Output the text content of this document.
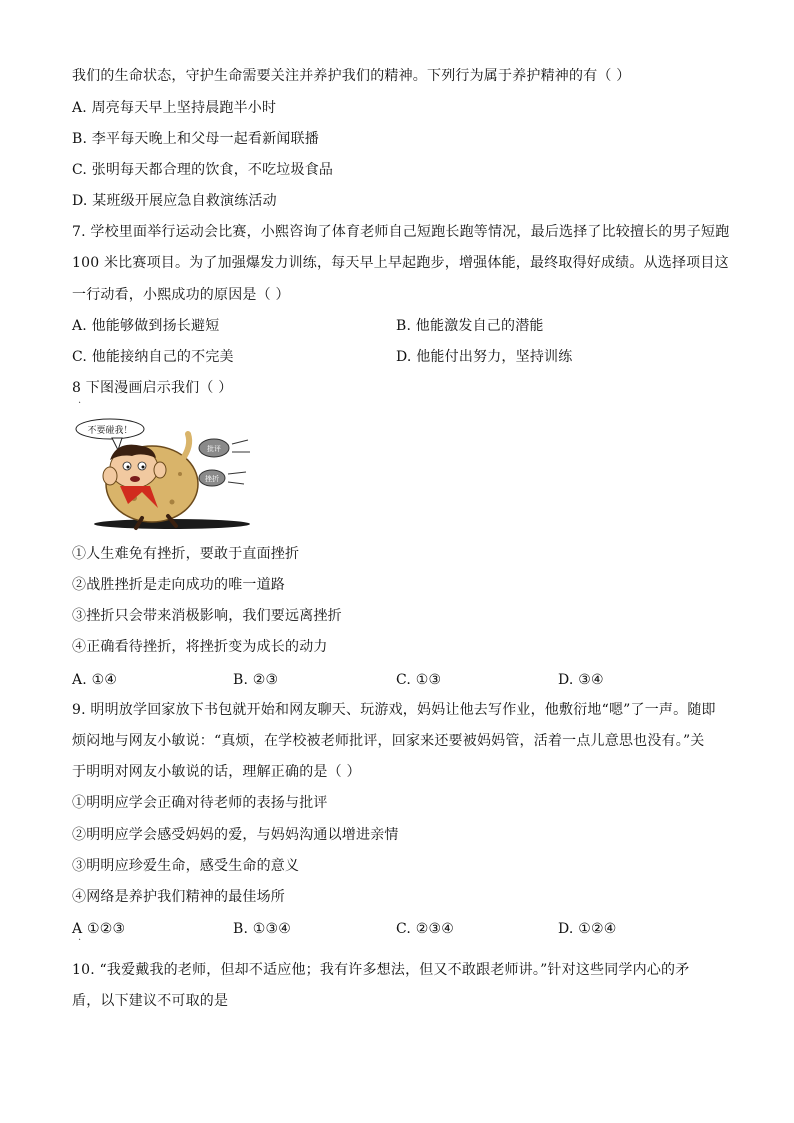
我们的生命状态，守护生命需要关注并养护我们的精神。下列行为属于养护精神的有（ ）
A. 周亮每天早上坚持晨跑半小时
B. 李平每天晚上和父母一起看新闻联播
C. 张明每天都合理的饮食，不吃垃圾食品
D. 某班级开展应急自救演练活动
7. 学校里面举行运动会比赛，小熙咨询了体育老师自己短跑长跑等情况，最后选择了比较擅长的男子短跑
100 米比赛项目。为了加强爆发力训练，每天早上早起跑步，增强体能，最终取得好成绩。从选择项目这
一行动看，小熙成功的原因是（ ）
A. 他能够做到扬长避短	B. 他能激发自己的潜能
C. 他能接纳自己的不完美	D. 他能付出努力，坚持训练
8 下图漫画启示我们（ ）
·
不要碰我！
批评
挫折
①人生难免有挫折，要敢于直面挫折
②战胜挫折是走向成功的唯一道路
③挫折只会带来消极影响，我们要远离挫折
④正确看待挫折，将挫折变为成长的动力
A. ①④	B. ②③	C. ①③	D. ③④
9. 明明放学回家放下书包就开始和网友聊天、玩游戏，妈妈让他去写作业，他敷衍地“嗯”了一声。随即
烦闷地与网友小敏说：“真烦，在学校被老师批评，回家来还要被妈妈管，活着一点儿意思也没有。”关
于明明对网友小敏说的话，理解正确的是（ ）
①明明应学会正确对待老师的表扬与批评
②明明应学会感受妈妈的爱，与妈妈沟通以增进亲情
③明明应珍爱生命，感受生命的意义
④网络是养护我们精神的最佳场所
A ①②③	B. ①③④	C. ②③④	D. ①②④
·
10. “我爱戴我的老师，但却不适应他；我有许多想法，但又不敢跟老师讲。”针对这些同学内心的矛
盾，以下建议不可取的是
